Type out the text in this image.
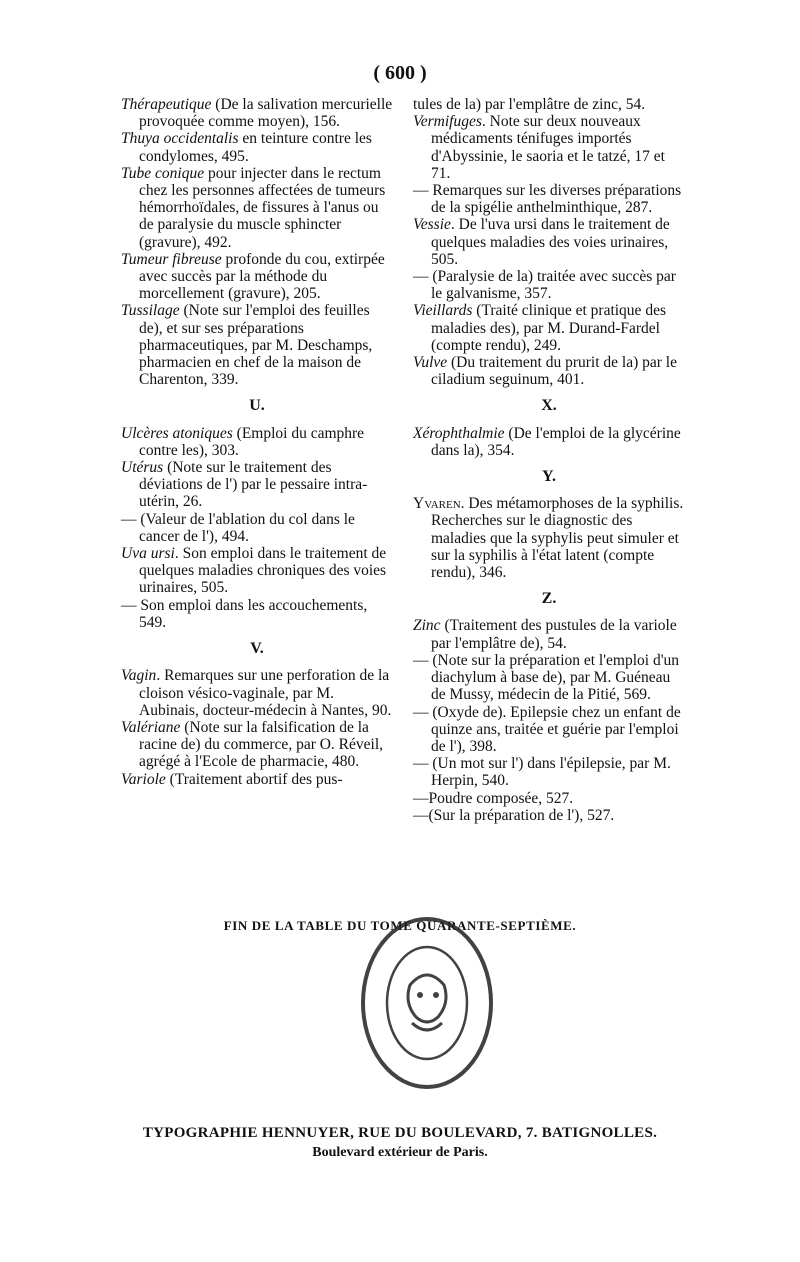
( 600 )

Thérapeutique (De la salivation mercurielle provoquée comme moyen), 156.

Thuya occidentalis en teinture contre les condylomes, 495.

Tube conique pour injecter dans le rectum chez les personnes affectées de tumeurs hémorrhoïdales, de fissures à l'anus ou de paralysie du muscle sphincter (gravure), 492.

Tumeur fibreuse profonde du cou, extirpée avec succès par la méthode du morcellement (gravure), 205.

Tussilage (Note sur l'emploi des feuilles de), et sur ses préparations pharmaceutiques, par M. Deschamps, pharmacien en chef de la maison de Charenton, 339.

U.

Ulcères atoniques (Emploi du camphre contre les), 303.

Utérus (Note sur le traitement des déviations de l') par le pessaire intra-utérin, 26.

— (Valeur de l'ablation du col dans le cancer de l'), 494.

Uva ursi. Son emploi dans le traitement de quelques maladies chroniques des voies urinaires, 505.

— Son emploi dans les accouchements, 549.

V.

Vagin. Remarques sur une perforation de la cloison vésico-vaginale, par M. Aubinais, docteur-médecin à Nantes, 90.

Valériane (Note sur la falsification de la racine de) du commerce, par O. Réveil, agrégé à l'Ecole de pharmacie, 480.

Variole (Traitement abortif des pus-

tules de la) par l'emplâtre de zinc, 54.

Vermifuges. Note sur deux nouveaux médicaments ténifuges importés d'Abyssinie, le saoria et le tatzé, 17 et 71.

— Remarques sur les diverses préparations de la spigélie anthelminthique, 287.

Vessie. De l'uva ursi dans le traitement de quelques maladies des voies urinaires, 505.

— (Paralysie de la) traitée avec succès par le galvanisme, 357.

Vieillards (Traité clinique et pratique des maladies des), par M. Durand-Fardel (compte rendu), 249.

Vulve (Du traitement du prurit de la) par le ciladium seguinum, 401.

X.

Xérophthalmie (De l'emploi de la glycérine dans la), 354.

Y.

Yvaren. Des métamorphoses de la syphilis. Recherches sur le diagnostic des maladies que la syphylis peut simuler et sur la syphilis à l'état latent (compte rendu), 346.

Z.

Zinc (Traitement des pustules de la variole par l'emplâtre de), 54.

— (Note sur la préparation et l'emploi d'un diachylum à base de), par M. Guéneau de Mussy, médecin de la Pitié, 569.

— (Oxyde de). Epilepsie chez un enfant de quinze ans, traitée et guérie par l'emploi de l'), 398.

— (Un mot sur l') dans l'épilepsie, par M. Herpin, 540.

—Poudre composée, 527.

—(Sur la préparation de l'), 527.

FIN DE LA TABLE DU TOME QUARANTE-SEPTIÈME.
TYPOGRAPHIE HENNUYER, RUE DU BOULEVARD, 7. BATIGNOLLES.
Boulevard extérieur de Paris.
